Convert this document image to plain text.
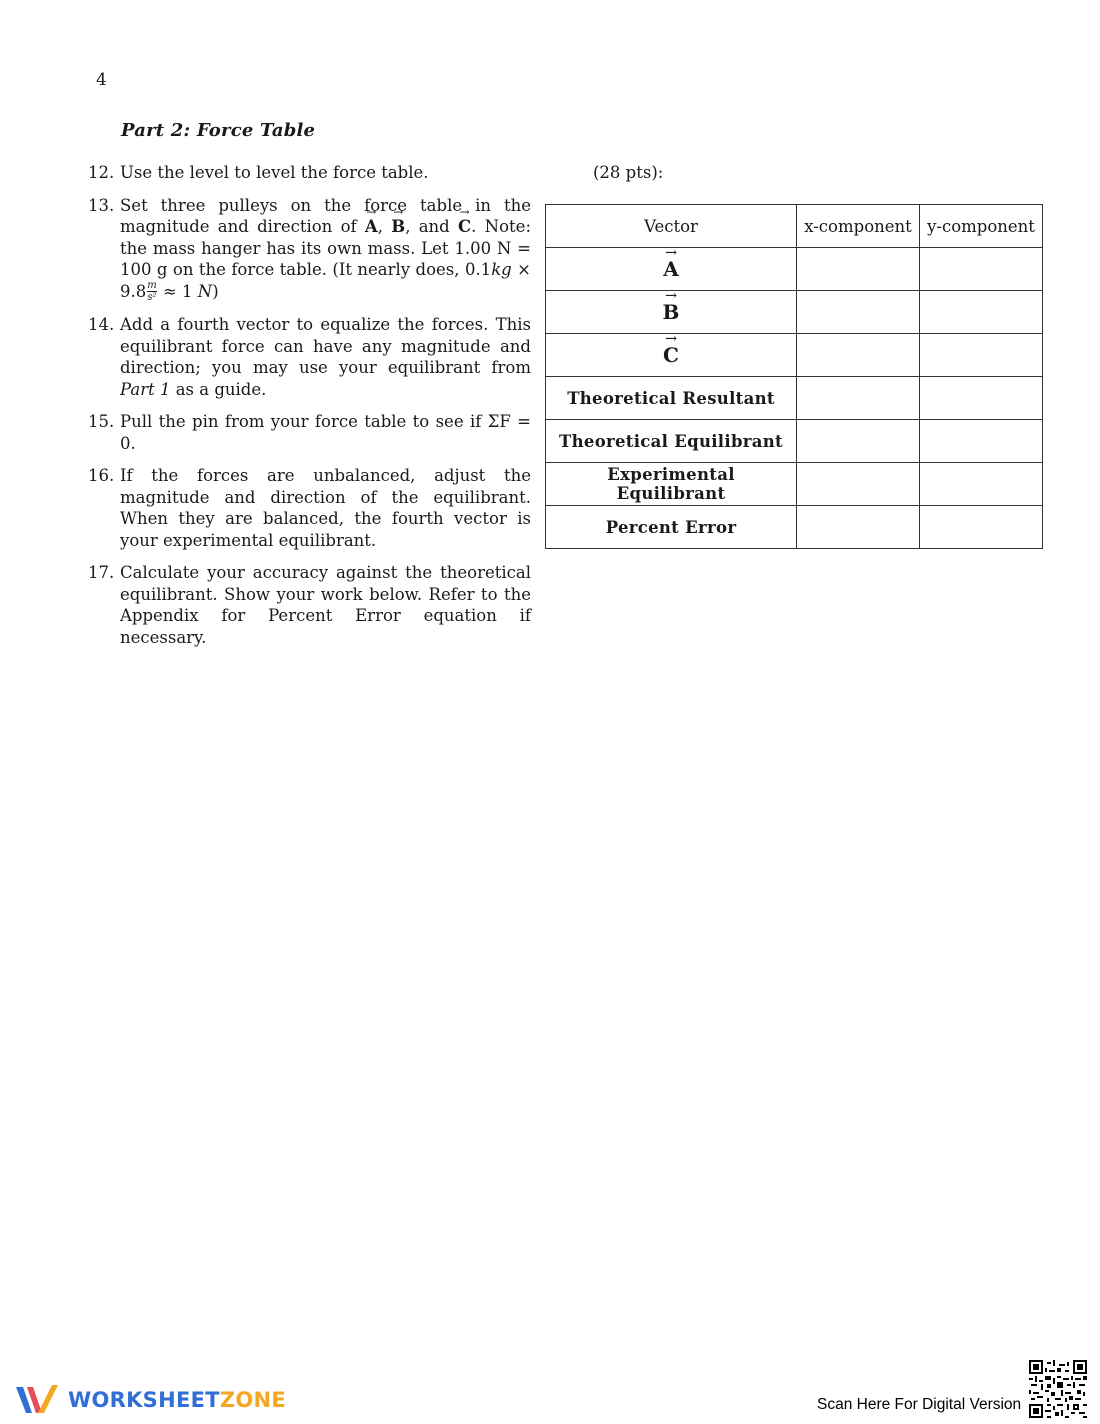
4
Part 2: Force Table
12. Use the level to level the force table.
13. Set three pulleys on the force table in the magnitude and direction of → A, → B, and → C. Note: the mass hanger has its own mass. Let 1.00 N = 100 g on the force table. (It nearly does, $0.1kg \times 9.8 \frac{m}{\text{s²}} \approx 1$ N)
14. Add a fourth vector to equalize the forces. This equilibrant force can have any magnitude and direction; you may use your equilibrant from Part 1 as a guide.
15. Pull the pin from your force table to see if ΣF = 0.
16. If the forces are unbalanced, adjust the magnitude and direction of the equilibrant. When they are balanced, the fourth vector is your experimental equilibrant.
17. Calculate your accuracy against the theoretical equilibrant. Show your work below. Refer to the Appendix for Percent Error equation if necessary.
(28 pts):
Vector	x-component	y-component
→ A		
→ B		
→ C		
Theoretical Resultant		
Theoretical Equilibrant		
Experimental Equilibrant		
Percent Error		
WORKSHEETZONE	Scan Here For Digital Version
